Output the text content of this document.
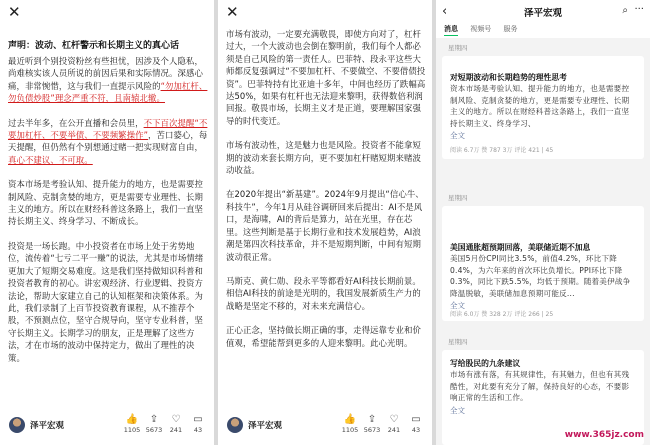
✕
声明：波动、杠杆警示和长期主义的真心话

最近听到个别投资粉丝有些担忧，因涉及个人隐私，尚难核实该人员所说的前因后果和实际情况。深感心痛，非常惋惜，这与我们一直提示风险的“勿加杠杆、勿负债炒股”理念严重不符，且南辕北辙。

过去半年多，在公开直播和会员里，不下百次提醒“不要加杠杆、不要举债、不要频繁操作”，苦口婆心，每天提醒，但仍然有个别想通过赌一把实现财富自由，真心不建议、不可取。

资本市场是考验认知、提升能力的地方，也是需要控制风险、克制贪婪的地方，更是需要专业理性、长期主义的地方。所以在财经科普这条路上，我们一直坚持长期主义、终身学习、不断成长。

投资是一场长跑。中小投资者在市场上处于劣势地位，流传着“七亏二平一赚”的说法，尤其是市场情绪更加大了短期交易难度。这是我们坚持做知识科普和投资者教育的初心。讲宏观经济、行业逻辑、投资方法论，帮助大家建立自己的认知框架和决策体系。为此，我们录制了上百节投资教育课程，从不推荐个股，不预测点位，坚守合规导向，坚守专业科普，坚守长期主义。长期学习的朋友，正是理解了这些方法，才在市场的波动中保持定力，做出了理性的决策。

泽平宏观
👍
1105
⇪
5673
♡
241
▭
43
✕

市场有波动，一定要充满敬畏，即使方向对了，杠杆过大，一个大波动也会倒在黎明前，我们每个人都必须是自己风险的第一责任人。巴菲特、段永平这些大师都反复强调过“不要加杠杆、不要做空、不要借债投资”。巴菲特持有比亚迪十多年，中间也经历了跌幅高达50%，如果有杠杆也无法迎来黎明，获得数倍利润回报。敬畏市场，长期主义才是正道，要理解国家强导的时代变迁。

市场有波动性，这是魅力也是风险。投资者不能拿短期的波动来套长期方向，更不要加杠杆赌短期来赌波动收益。

在2020年提出“新基建”。2024年9月提出“信心牛、科技牛”，今年1月从硅谷调研回来后提出：AI不是风口，是海啸，AI的背后是算力，站在光里，存在芯里。这些判断是基于长期行业和技术发展趋势，AI浪潮是第四次科技革命，并不是短期判断，中间有短期波动很正常。

马斯克、黄仁勋、段永平等都看好AI科技长期前景。相信AI科技的前途是光明的，我国发展新质生产力的战略是坚定不移的，对未来充满信心。

正心正念，坚持做长期正确的事，走得远靠专业和价值观，希望能帮到更多的人迎来黎明。此心光明。

泽平宏观
👍
1105
⇪
5673
♡
241
▭
43
‹	泽平宏观	⌕ ···
消息 视频号 服务
星期四
对短期波动和长期趋势的理性思考
资本市场是考验认知、提升能力的地方，也是需要控制风险、克制贪婪的地方，更是需要专业理性、长期主义的地方。所以在财经科普这条路上，我们一直坚持长期主义、终身学习、
全文
阅读 6.7万 赞 787 3万 评论 421 | 45
星期四
美国通胀超预期回落，美联储近期不加息
美国5月份CPI同比3.5%，前值4.2%，环比下降0.4%，为六年来的首次环比负增长。PPI环比下降0.3%，同比下跌5.5%，均低于预期。随着美伊战争降温脱敏，美联储加息预期可能反...
全文
阅读 6.0万 赞 328 2万 评论 266 | 25
星期四
写给股民的九条建议
市场有涨有落，有其规律性，有其魅力，但也有其残酷性，对此要有充分了解，保持良好的心态，不要影响正常的生活和工作。
全文
www.365jz.com
